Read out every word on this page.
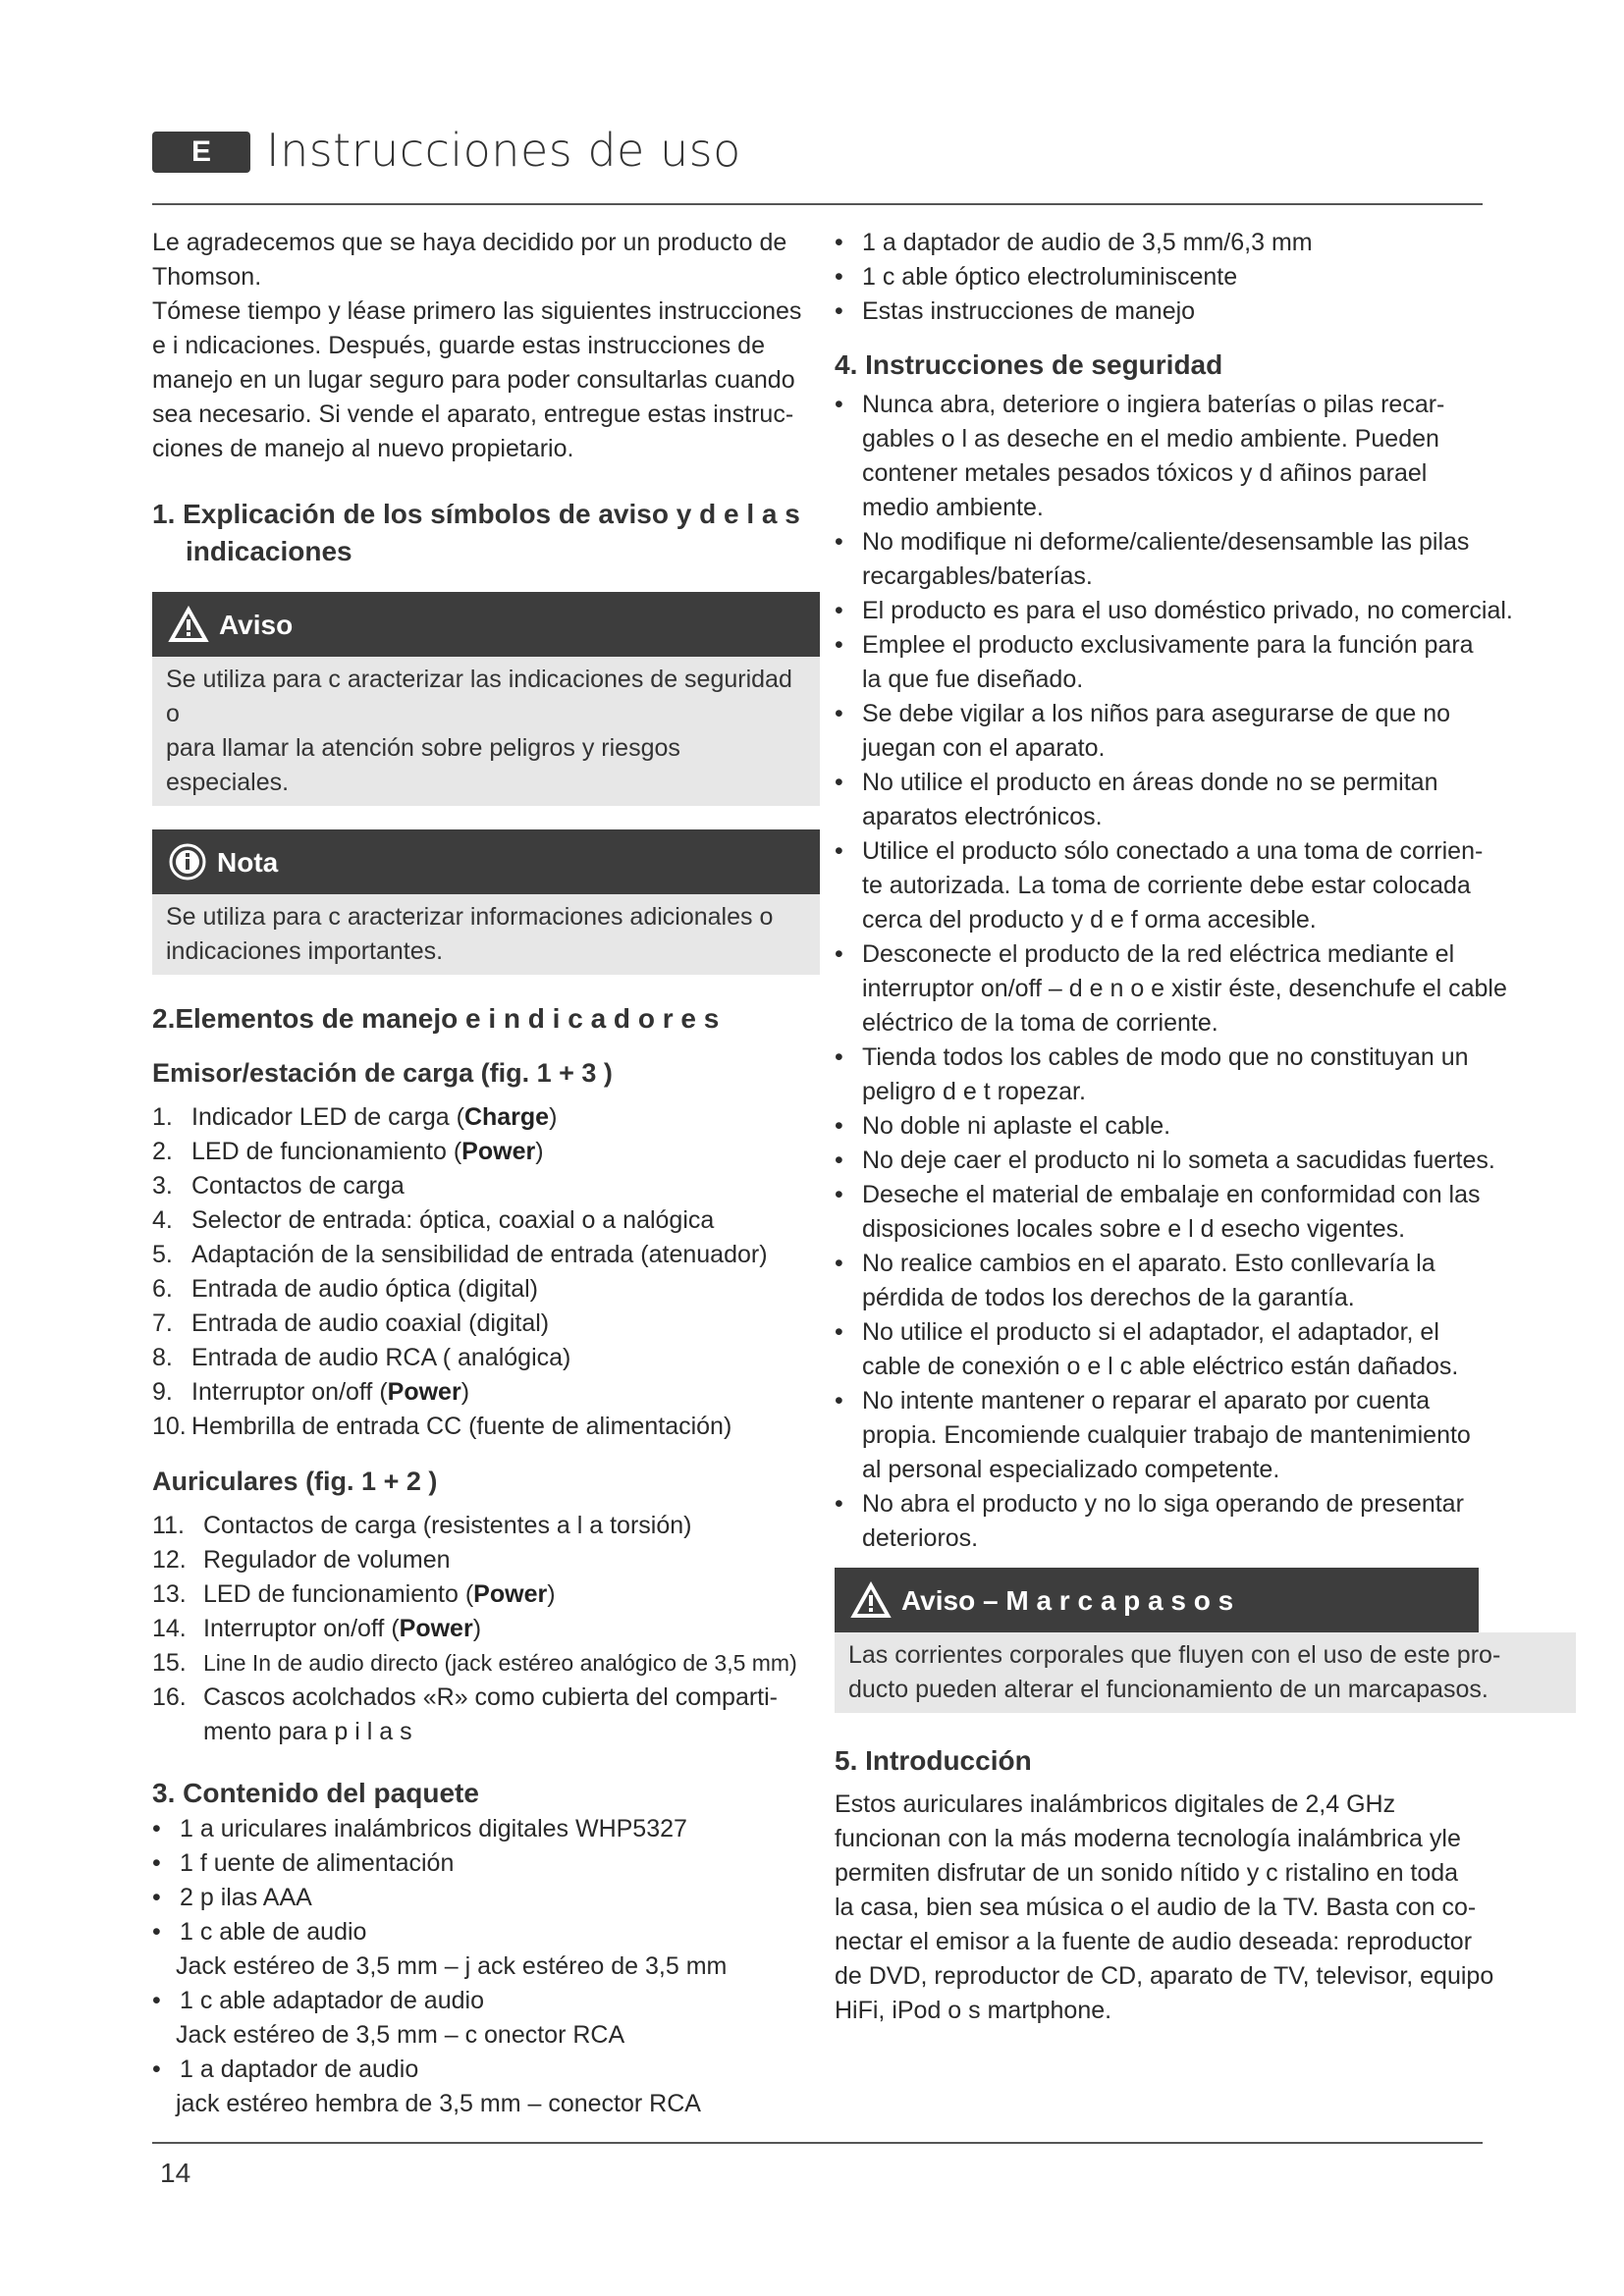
E	Instrucciones de uso

Le agradecemos que se haya decidido por un producto de

Thomson.

Tómese tiempo y léase primero las siguientes instrucciones

e i ndicaciones. Después, guarde estas instrucciones de

manejo en un lugar seguro para poder consultarlas cuando

sea necesario. Si vende el aparato, entregue estas instruc-

ciones de manejo al nuevo propietario.

1. Explicación de los símbolos de aviso y d e l a s
indicaciones
Aviso

Se utiliza para c aracterizar las indicaciones de seguridad o

para llamar la atención sobre peligros y riesgos especiales.

Nota

Se utiliza para c aracterizar informaciones adicionales o

indicaciones importantes.

2.Elementos de manejo e i n d i c a d o r e s
Emisor/estación de carga (fig. 1 + 3 )
1. Indicador LED de carga (Charge)
2. LED de funcionamiento (Power)
3. Contactos de carga
4. Selector de entrada: óptica, coaxial o a nalógica
5. Adaptación de la sensibilidad de entrada (atenuador)
6. Entrada de audio óptica (digital)
7. Entrada de audio coaxial (digital)
8. Entrada de audio RCA ( analógica)
9. Interruptor on/off (Power)
10. Hembrilla de entrada CC (fuente de alimentación)
Auriculares (fig. 1 + 2 )
11. Contactos de carga (resistentes a l a torsión)
12. Regulador de volumen
13. LED de funcionamiento (Power)
14. Interruptor on/off (Power)
15. Line In de audio directo (jack estéreo analógico de 3,5 mm)
16. Cascos acolchados «R» como cubierta del comparti-
mento para p i l a s
3. Contenido del paquete
• 1 a uriculares inalámbricos digitales WHP5327
• 1 f uente de alimentación
• 2 p ilas AAA
• 1 c able de audio
Jack estéreo de 3,5 mm – j ack estéreo de 3,5 mm
• 1 c able adaptador de audio
Jack estéreo de 3,5 mm – c onector RCA
• 1 a daptador de audio
jack estéreo hembra de 3,5 mm – conector RCA
• 1 a daptador de audio de 3,5 mm/6,3 mm
• 1 c able óptico electroluminiscente
• Estas instrucciones de manejo
4. Instrucciones de seguridad
• Nunca abra, deteriore o ingiera baterías o pilas recar-
gables o l as deseche en el medio ambiente. Pueden
contener metales pesados tóxicos y d añinos parael
medio ambiente.
• No modifique ni deforme/caliente/desensamble las pilas
recargables/baterías.
• El producto es para el uso doméstico privado, no comercial.
• Emplee el producto exclusivamente para la función para
la que fue diseñado.
• Se debe vigilar a los niños para asegurarse de que no
juegan con el aparato.
• No utilice el producto en áreas donde no se permitan
aparatos electrónicos.
• Utilice el producto sólo conectado a una toma de corrien-
te autorizada. La toma de corriente debe estar colocada
cerca del producto y d e f orma accesible.
• Desconecte el producto de la red eléctrica mediante el
interruptor on/off – d e n o e xistir éste, desenchufe el cable
eléctrico de la toma de corriente.
• Tienda todos los cables de modo que no constituyan un
peligro d e t ropezar.
• No doble ni aplaste el cable.
• No deje caer el producto ni lo someta a sacudidas fuertes.
• Deseche el material de embalaje en conformidad con las
disposiciones locales sobre e l d esecho vigentes.
• No realice cambios en el aparato. Esto conllevaría la
pérdida de todos los derechos de la garantía.
• No utilice el producto si el adaptador, el adaptador, el
cable de conexión o e l c able eléctrico están dañados.
• No intente mantener o reparar el aparato por cuenta
propia. Encomiende cualquier trabajo de mantenimiento
al personal especializado competente.
• No abra el producto y no lo siga operando de presentar
deterioros.
Aviso – M a r c a p a s o s

Las corrientes corporales que fluyen con el uso de este pro-

ducto pueden alterar el funcionamiento de un marcapasos.

5. Introducción

Estos auriculares inalámbricos digitales de 2,4 GHz

funcionan con la más moderna tecnología inalámbrica yle

permiten disfrutar de un sonido nítido y c ristalino en toda

la casa, bien sea música o el audio de la TV. Basta con co-

nectar el emisor a la fuente de audio deseada: reproductor

de DVD, reproductor de CD, aparato de TV, televisor, equipo

HiFi, iPod o s martphone.

14
